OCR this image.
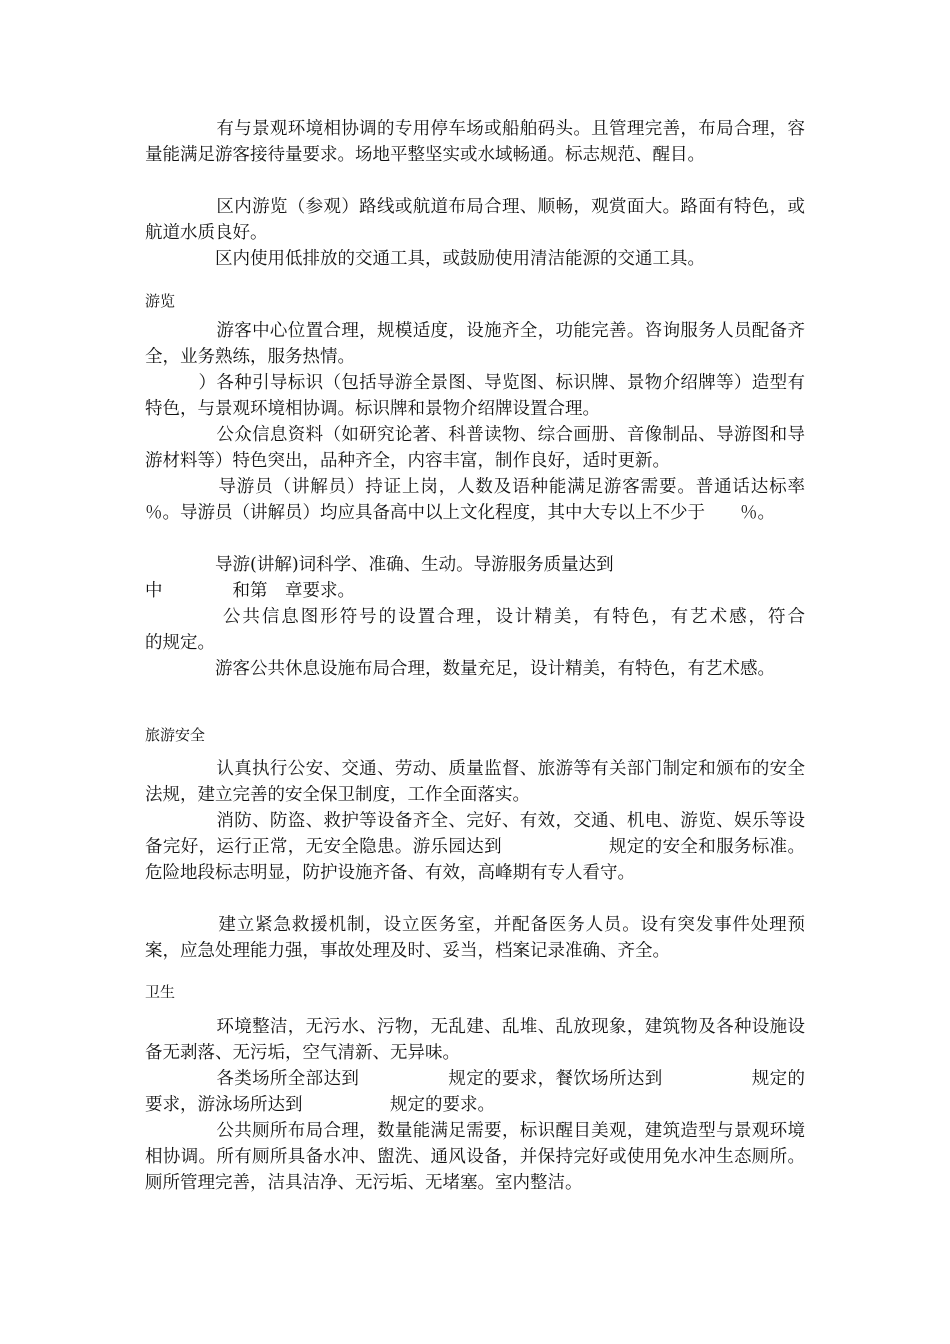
　　　　有与景观环境相协调的专用停车场或船舶码头。且管理完善，布局合理，容量能满足游客接待量要求。场地平整坚实或水域畅通。标志规范、醒目。
　　　　区内游览（参观）路线或航道布局合理、顺畅，观赏面大。路面有特色，或航道水质良好。
　　　　区内使用低排放的交通工具，或鼓励使用清洁能源的交通工具。
游览
　　　　游客中心位置合理，规模适度，设施齐全，功能完善。咨询服务人员配备齐全，业务熟练，服务热情。
　　　）各种引导标识（包括导游全景图、导览图、标识牌、景物介绍牌等）造型有特色，与景观环境相协调。标识牌和景物介绍牌设置合理。
　　　　公众信息资料（如研究论著、科普读物、综合画册、音像制品、导游图和导游材料等）特色突出，品种齐全，内容丰富，制作良好，适时更新。
　　　　导游员（讲解员）持证上岗，人数及语种能满足游客需要。普通话达标率　　％。导游员（讲解员）均应具备高中以上文化程度，其中大专以上不少于　　％。
　　　　导游(讲解)词科学、准确、生动。导游服务质量达到
中　　　　和第　章要求。
　　　　公共信息图形符号的设置合理，设计精美，有特色，有艺术感，符合　　　　　　　的规定。
　　　　游客公共休息设施布局合理，数量充足，设计精美，有特色，有艺术感。
旅游安全
　　　　认真执行公安、交通、劳动、质量监督、旅游等有关部门制定和颁布的安全法规，建立完善的安全保卫制度，工作全面落实。
　　　　消防、防盗、救护等设备齐全、完好、有效，交通、机电、游览、娱乐等设备完好，运行正常，无安全隐患。游乐园达到　　　　　　规定的安全和服务标准。危险地段标志明显，防护设施齐备、有效，高峰期有专人看守。
　　　　建立紧急救援机制，设立医务室，并配备医务人员。设有突发事件处理预案，应急处理能力强，事故处理及时、妥当，档案记录准确、齐全。
卫生
　　　　环境整洁，无污水、污物，无乱建、乱堆、乱放现象，建筑物及各种设施设备无剥落、无污垢，空气清新、无异味。
　　　　各类场所全部达到　　　　　规定的要求，餐饮场所达到　　　　　规定的要求，游泳场所达到　　　　　规定的要求。
　　　　公共厕所布局合理，数量能满足需要，标识醒目美观，建筑造型与景观环境相协调。所有厕所具备水冲、盥洗、通风设备，并保持完好或使用免水冲生态厕所。厕所管理完善，洁具洁净、无污垢、无堵塞。室内整洁。
